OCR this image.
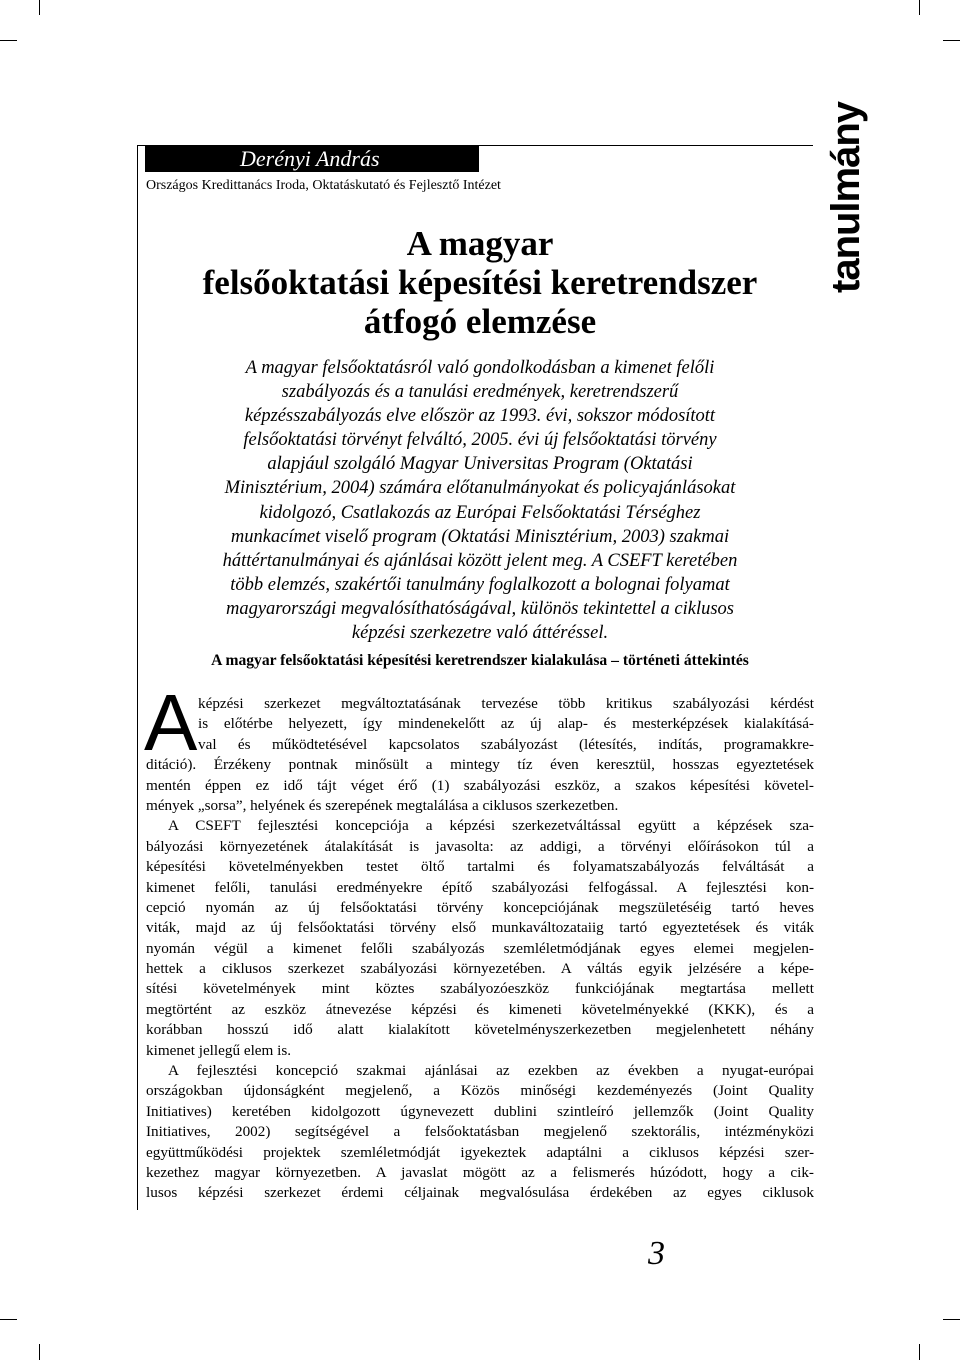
Derényi András
Országos Kredittanács Iroda, Oktatáskutató és Fejlesztő Intézet	tanulmány
A magyar
felsőoktatási képesítési keretrendszer
átfogó elemzése
A magyar felsőoktatásról való gondolkodásban a kimenet felőli
szabályozás és a tanulási eredmények, keretrendszerű
képzésszabályozás elve először az 1993. évi, sokszor módosított
felsőoktatási törvényt felváltó, 2005. évi új felsőoktatási törvény
alapjául szolgáló Magyar Universitas Program (Oktatási
Minisztérium, 2004) számára előtanulmányokat és policyajánlásokat
kidolgozó, Csatlakozás az Európai Felsőoktatási Térséghez
munkacímet viselő program (Oktatási Minisztérium, 2003) szakmai
háttértanulmányai és ajánlásai között jelent meg. A CSEFT keretében
több elemzés, szakértői tanulmány foglalkozott a bolognai folyamat
magyarországi megvalósíthatóságával, különös tekintettel a ciklusos
képzési szerkezetre való áttéréssel.
A magyar felsőoktatási képesítési keretrendszer kialakulása – történeti áttekintés
A képzési szerkezet megváltoztatásának tervezése több kritikus szabályozási kérdést
is előtérbe helyezett, így mindenekelőtt az új alap- és mesterképzések kialakításá-
val és működtetésével kapcsolatos szabályozást (létesítés, indítás, programakkre-
ditáció). Érzékeny pontnak minősült a mintegy tíz éven keresztül, hosszas egyeztetések
mentén éppen ez idő tájt véget érő (1) szabályozási eszköz, a szakos képesítési követel-
mények „sorsa”, helyének és szerepének megtalálása a ciklusos szerkezetben.
A CSEFT fejlesztési koncepciója a képzési szerkezetváltással együtt a képzések sza-
bályozási környezetének átalakítását is javasolta: az addigi, a törvényi előírásokon túl a
képesítési követelményekben testet öltő tartalmi és folyamatszabályozás felváltását a
kimenet felőli, tanulási eredményekre építő szabályozási felfogással. A fejlesztési kon-
cepció nyomán az új felsőoktatási törvény koncepciójának megszületéséig tartó heves
viták, majd az új felsőoktatási törvény első munkaváltozataiig tartó egyeztetések és viták
nyomán végül a kimenet felőli szabályozás szemléletmódjának egyes elemei megjelen-
hettek a ciklusos szerkezet szabályozási környezetében. A váltás egyik jelzésére a képe-
sítési követelmények mint köztes szabályozóeszköz funkciójának megtartása mellett
megtörtént az eszköz átnevezése képzési és kimeneti követelményekké (KKK), és a
korábban hosszú idő alatt kialakított követelményszerkezetben megjelenhetett néhány
kimenet jellegű elem is.
A fejlesztési koncepció szakmai ajánlásai az ezekben az években a nyugat-európai
országokban újdonságként megjelenő, a Közös minőségi kezdeményezés (Joint Quality
Initiatives) keretében kidolgozott úgynevezett dublini szintleíró jellemzők (Joint Quality
Initiatives, 2002) segítségével a felsőoktatásban megjelenő szektorális, intézményközi
együttműködési projektek szemléletmódját igyekeztek adaptálni a ciklusos képzési szer-
kezethez magyar környezetben. A javaslat mögött az a felismerés húzódott, hogy a cik-
lusos képzési szerkezet érdemi céljainak megvalósulása érdekében az egyes ciklusok
3
